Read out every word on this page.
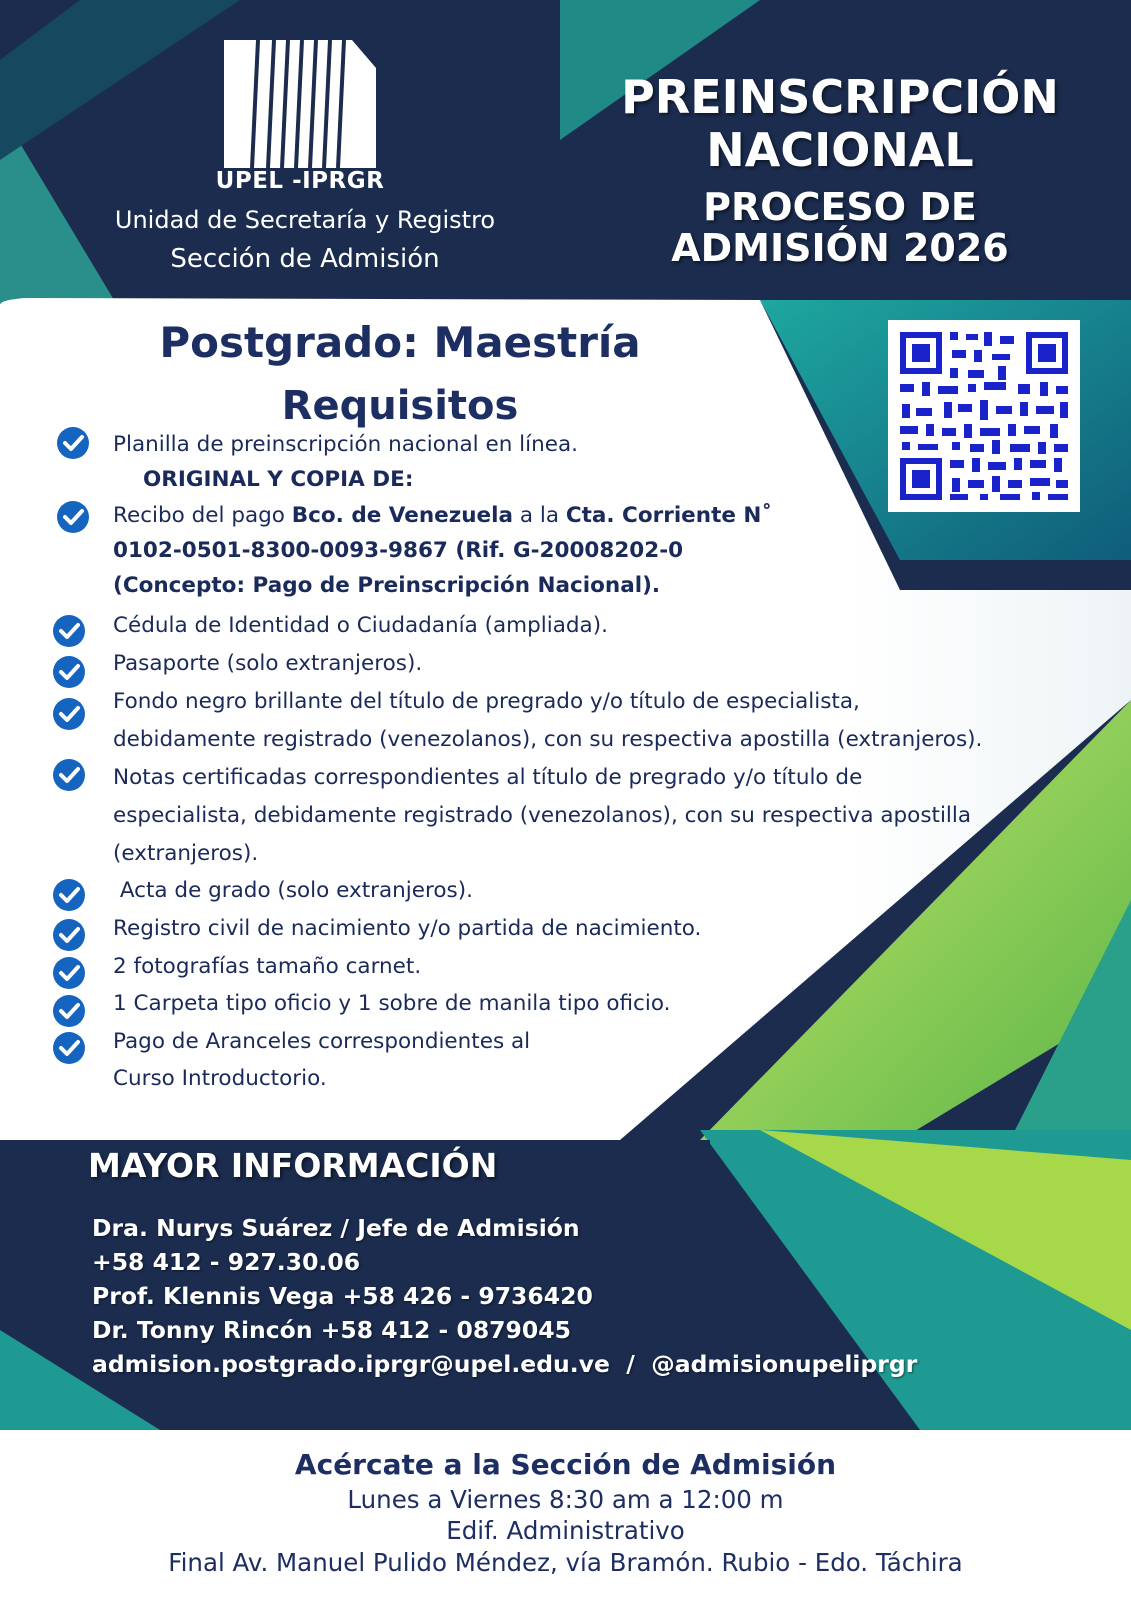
UPEL -IPRGR
Unidad de Secretaría y Registro
Sección de Admisión
PREINSCRIPCIÓN
NACIONAL
PROCESO DE
ADMISIÓN 2026
Postgrado: Maestría
Requisitos
Planilla de preinscripción nacional en línea.
ORIGINAL Y COPIA DE:
Recibo del pago Bco. de Venezuela a la Cta. Corriente N˚
0102-0501-8300-0093-9867 (Rif. G-20008202-0
(Concepto: Pago de Preinscripción Nacional).
Cédula de Identidad o Ciudadanía (ampliada).
Pasaporte (solo extranjeros).
Fondo negro brillante del título de pregrado y/o título de especialista,
debidamente registrado (venezolanos), con su respectiva apostilla (extranjeros).
Notas certificadas correspondientes al título de pregrado y/o título de
especialista, debidamente registrado (venezolanos), con su respectiva apostilla
(extranjeros).
Acta de grado (solo extranjeros).
Registro civil de nacimiento y/o partida de nacimiento.
2 fotografías tamaño carnet.
1 Carpeta tipo oficio y 1 sobre de manila tipo oficio.
Pago de Aranceles correspondientes al
Curso Introductorio.
MAYOR INFORMACIÓN
Dra. Nurys Suárez / Jefe de Admisión
+58 412 - 927.30.06
Prof. Klennis Vega +58 426 - 9736420
Dr. Tonny Rincón +58 412 - 0879045
admision.postgrado.iprgr@upel.edu.ve  /  @admisionupeliprgr
Acércate a la Sección de Admisión
Lunes a Viernes 8:30 am a 12:00 m
Edif. Administrativo
Final Av. Manuel Pulido Méndez, vía Bramón. Rubio - Edo. Táchira
